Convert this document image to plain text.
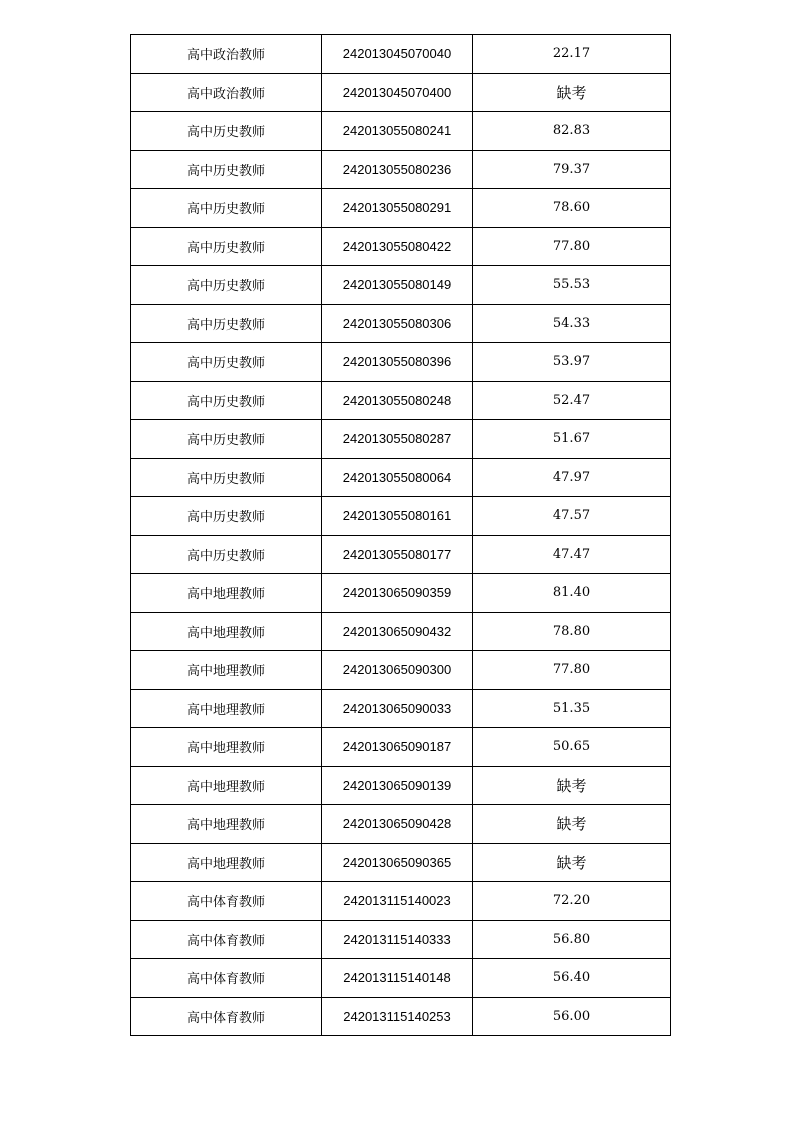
高中政治教师	242013045070040	22.17
高中政治教师	242013045070400	缺考
高中历史教师	242013055080241	82.83
高中历史教师	242013055080236	79.37
高中历史教师	242013055080291	78.60
高中历史教师	242013055080422	77.80
高中历史教师	242013055080149	55.53
高中历史教师	242013055080306	54.33
高中历史教师	242013055080396	53.97
高中历史教师	242013055080248	52.47
高中历史教师	242013055080287	51.67
高中历史教师	242013055080064	47.97
高中历史教师	242013055080161	47.57
高中历史教师	242013055080177	47.47
高中地理教师	242013065090359	81.40
高中地理教师	242013065090432	78.80
高中地理教师	242013065090300	77.80
高中地理教师	242013065090033	51.35
高中地理教师	242013065090187	50.65
高中地理教师	242013065090139	缺考
高中地理教师	242013065090428	缺考
高中地理教师	242013065090365	缺考
高中体育教师	242013115140023	72.20
高中体育教师	242013115140333	56.80
高中体育教师	242013115140148	56.40
高中体育教师	242013115140253	56.00
